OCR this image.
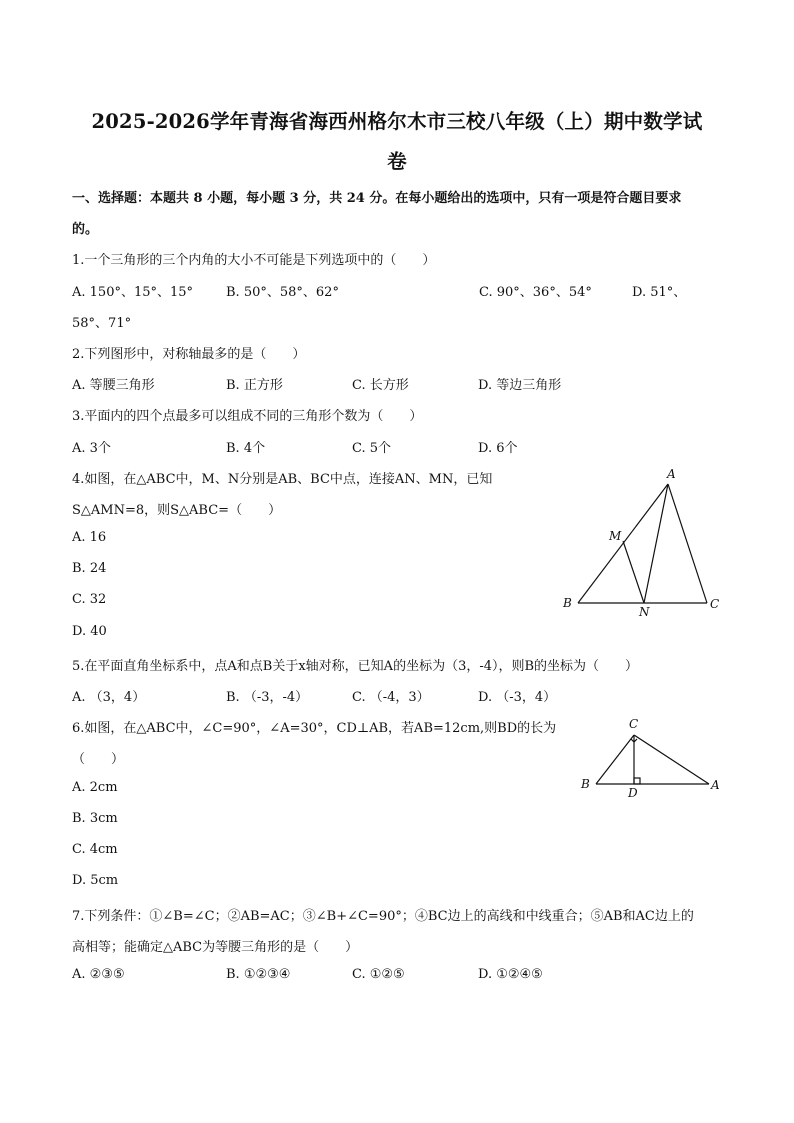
2025-2026学年青海省海西州格尔木市三校八年级（上）期中数学试
卷
一、选择题：本题共 8 小题，每小题 3 分，共 24 分。在每小题给出的选项中，只有一项是符合题目要求
的。
1.一个三角形的三个内角的大小不可能是下列选项中的（　　）
A. 150°、15°、15°	B. 50°、58°、62°	C. 90°、36°、54°	D. 51°、
58°、71°
2.下列图形中，对称轴最多的是（　　）
A. 等腰三角形	B. 正方形	C. 长方形	D. 等边三角形
3.平面内的四个点最多可以组成不同的三角形个数为（　　）
A. 3个	B. 4个	C. 5个	D. 6个
4.如图，在△ABC中，M、N分别是AB、BC中点，连接AN、MN，已知
S△AMN=8，则S△ABC=（　　）
A. 16
B. 24
C. 32
D. 40
A
B	C
M
N
5.在平面直角坐标系中，点A和点B关于x轴对称，已知A的坐标为（3，-4），则B的坐标为（　　）
A. （3，4）	B. （-3，-4）	C. （-4，3）	D. （-3，4）
6.如图，在△ABC中，∠C=90°，∠A=30°，CD⊥AB，若AB=12cm,则BD的长为
（　　）
A. 2cm
B. 3cm
C. 4cm
D. 5cm
C
B	A
D
7.下列条件：①∠B=∠C；②AB=AC；③∠B+∠C=90°；④BC边上的高线和中线重合；⑤AB和AC边上的
高相等；能确定△ABC为等腰三角形的是（　　）
A. ②③⑤	B. ①②③④	C. ①②⑤	D. ①②④⑤
